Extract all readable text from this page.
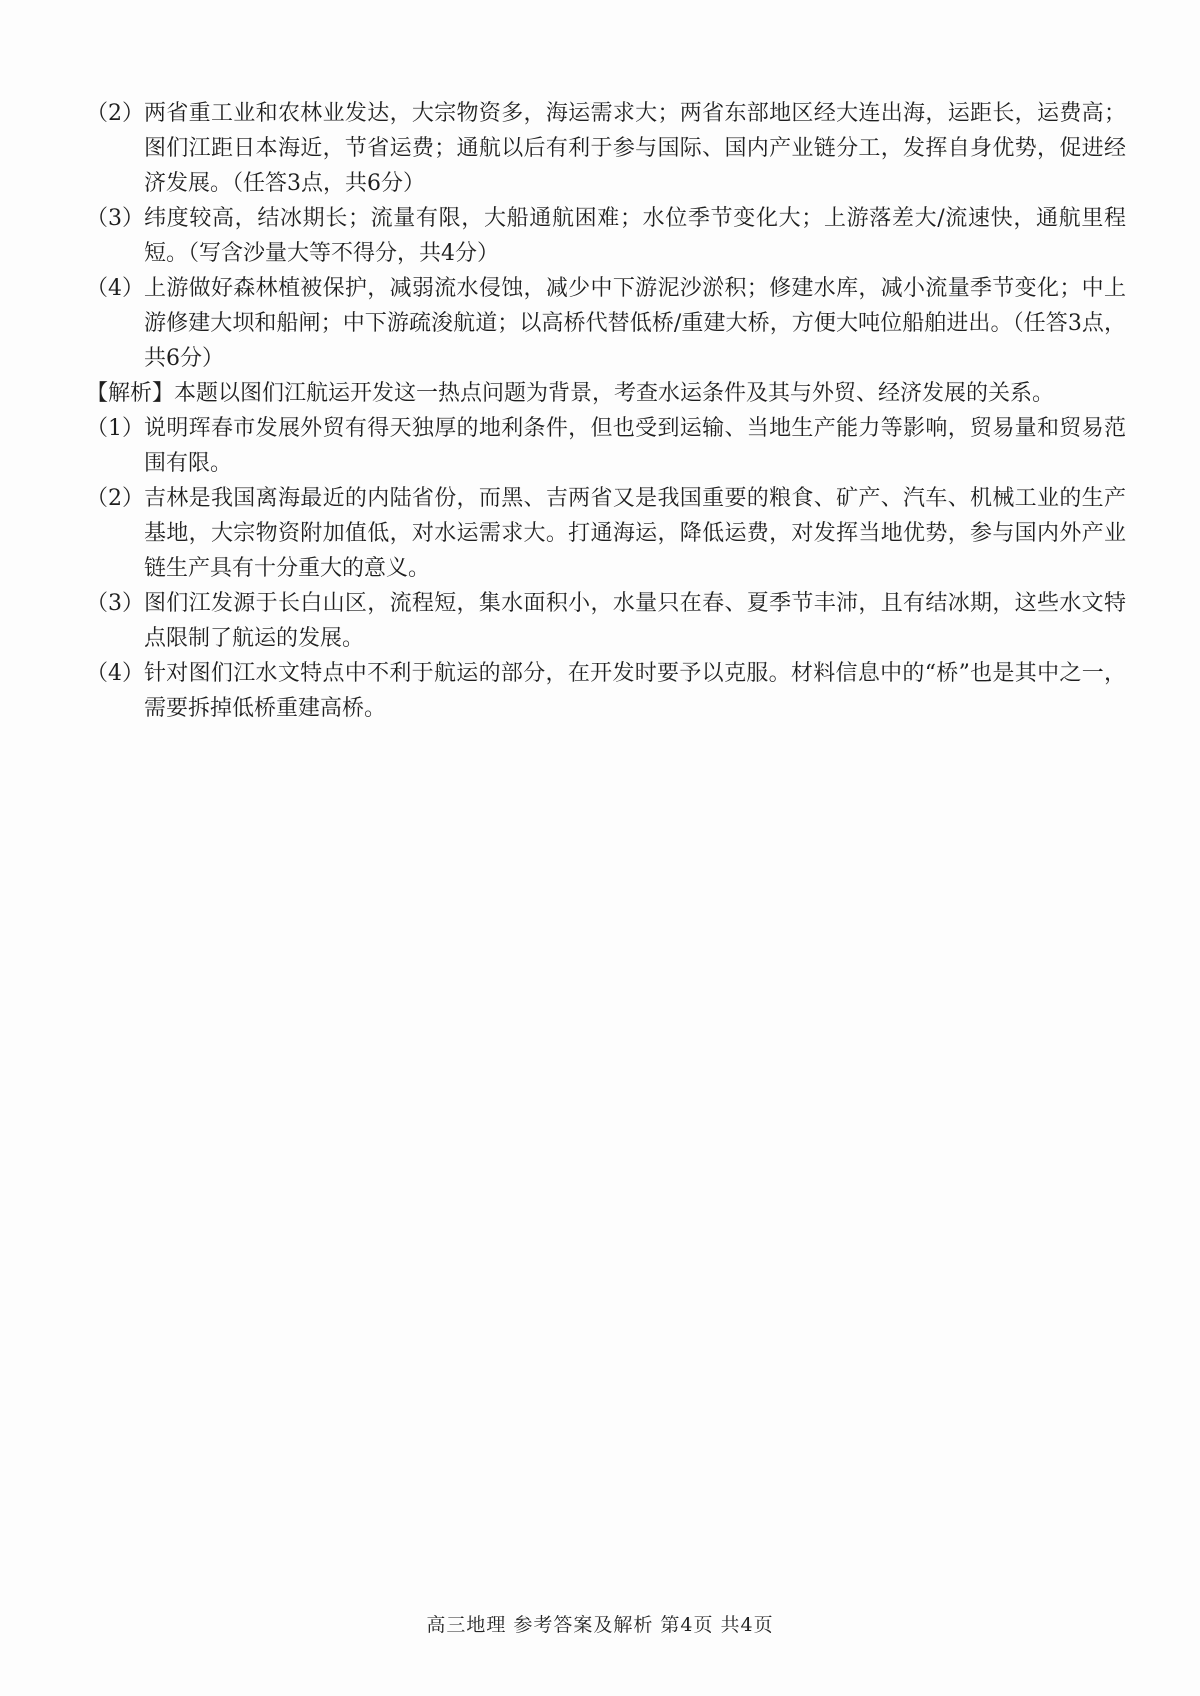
（2） 两省重工业和农林业发达，大宗物资多，海运需求大；两省东部地区经大连出海，运距长，运费高；图们江距日本海近，节省运费；通航以后有利于参与国际、国内产业链分工，发挥自身优势，促进经济发展。（任答3点，共6分）
（3） 纬度较高，结冰期长；流量有限，大船通航困难；水位季节变化大；上游落差大/流速快，通航里程短。（写含沙量大等不得分，共4分）
（4） 上游做好森林植被保护，减弱流水侵蚀，减少中下游泥沙淤积；修建水库，减小流量季节变化；中上游修建大坝和船闸；中下游疏浚航道；以高桥代替低桥/重建大桥，方便大吨位船舶进出。（任答3点，共6分）
【解析】本题以图们江航运开发这一热点问题为背景，考查水运条件及其与外贸、经济发展的关系。
（1） 说明珲春市发展外贸有得天独厚的地利条件，但也受到运输、当地生产能力等影响，贸易量和贸易范围有限。
（2） 吉林是我国离海最近的内陆省份，而黑、吉两省又是我国重要的粮食、矿产、汽车、机械工业的生产基地，大宗物资附加值低，对水运需求大。打通海运，降低运费，对发挥当地优势，参与国内外产业链生产具有十分重大的意义。
（3） 图们江发源于长白山区，流程短，集水面积小，水量只在春、夏季节丰沛，且有结冰期，这些水文特点限制了航运的发展。
（4） 针对图们江水文特点中不利于航运的部分，在开发时要予以克服。材料信息中的“桥”也是其中之一，需要拆掉低桥重建高桥。
高三地理 参考答案及解析 第4页 共4页
